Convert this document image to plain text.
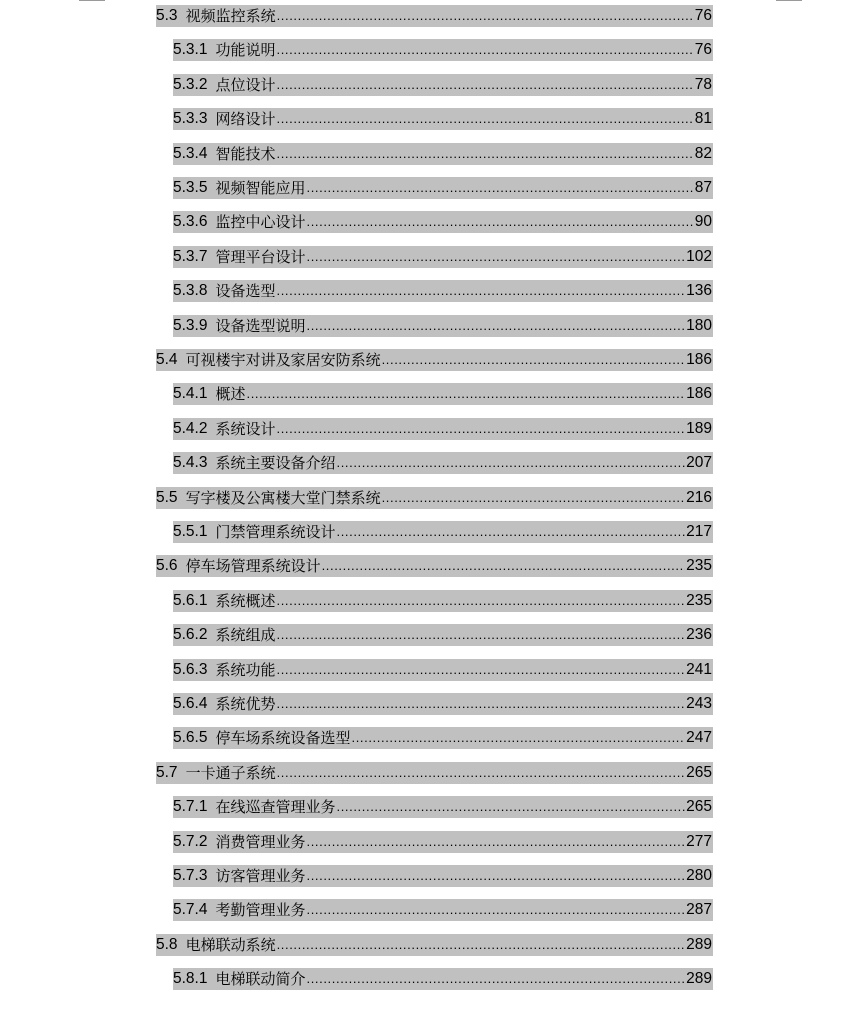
5.3 视频监控系统 .....	76
5.3.1 功能说明 .....	76
5.3.2 点位设计 .....	78
5.3.3 网络设计 .....	81
5.3.4 智能技术 .....	82
5.3.5 视频智能应用 .....	87
5.3.6 监控中心设计 .....	90
5.3.7 管理平台设计 .....	102
5.3.8 设备选型 .....	136
5.3.9 设备选型说明 .....	180
5.4 可视楼宇对讲及家居安防系统 .....	186
5.4.1 概述 .....	186
5.4.2 系统设计 .....	189
5.4.3 系统主要设备介绍 .....	207
5.5 写字楼及公寓楼大堂门禁系统 .....	216
5.5.1 门禁管理系统设计 .....	217
5.6 停车场管理系统设计 .....	235
5.6.1 系统概述 .....	235
5.6.2 系统组成 .....	236
5.6.3 系统功能 .....	241
5.6.4 系统优势 .....	243
5.6.5 停车场系统设备选型 .....	247
5.7 一卡通子系统 .....	265
5.7.1 在线巡查管理业务 .....	265
5.7.2 消费管理业务 .....	277
5.7.3 访客管理业务 .....	280
5.7.4 考勤管理业务 .....	287
5.8 电梯联动系统 .....	289
5.8.1 电梯联动简介 .....	289
